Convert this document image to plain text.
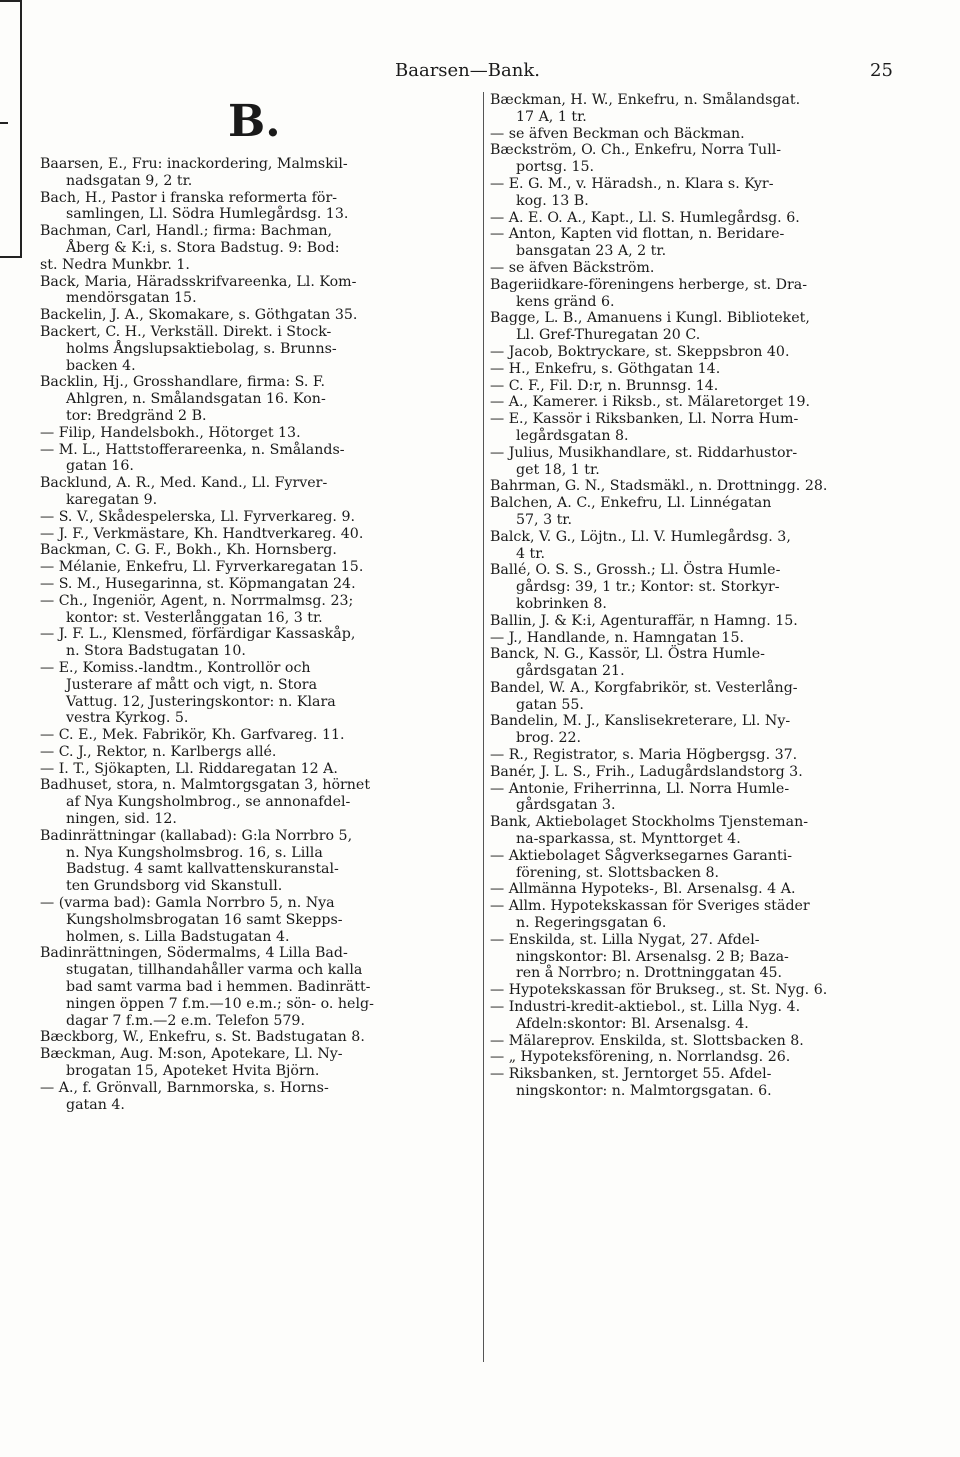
Baarsen—Bank.	25
B.
Baarsen, E., Fru: inackordering, Malmskil-
nadsgatan 9, 2 tr.
Bach, H., Pastor i franska reformerta för-
samlingen, Ll. Södra Humlegårdsg. 13.
Bachman, Carl, Handl.; firma: Bachman,
Åberg & K:i, s. Stora Badstug. 9: Bod:
st. Nedra Munkbr. 1.
Back, Maria, Häradsskrifvareenka, Ll. Kom-
mendörsgatan 15.
Backelin, J. A., Skomakare, s. Göthgatan 35.
Backert, C. H., Verkställ. Direkt. i Stock-
holms Ångslupsaktiebolag, s. Brunns-
backen 4.
Backlin, Hj., Grosshandlare, firma: S. F.
Ahlgren, n. Smålandsgatan 16. Kon-
tor: Bredgränd 2 B.
— Filip, Handelsbokh., Hötorget 13.
— M. L., Hattstofferareenka, n. Smålands-
gatan 16.
Backlund, A. R., Med. Kand., Ll. Fyrver-
karegatan 9.
— S. V., Skådespelerska, Ll. Fyrverkareg. 9.
— J. F., Verkmästare, Kh. Handtverkareg. 40.
Backman, C. G. F., Bokh., Kh. Hornsberg.
— Mélanie, Enkefru, Ll. Fyrverkaregatan 15.
— S. M., Husegarinna, st. Köpmangatan 24.
— Ch., Ingeniör, Agent, n. Norrmalmsg. 23;
kontor: st. Vesterlånggatan 16, 3 tr.
— J. F. L., Klensmed, förfärdigar Kassaskåp,
n. Stora Badstugatan 10.
— E., Komiss.-landtm., Kontrollör och
Justerare af mått och vigt, n. Stora
Vattug. 12, Justeringskontor: n. Klara
vestra Kyrkog. 5.
— C. E., Mek. Fabrikör, Kh. Garfvareg. 11.
— C. J., Rektor, n. Karlbergs allé.
— I. T., Sjökapten, Ll. Riddaregatan 12 A.
Badhuset, stora, n. Malmtorgsgatan 3, hörnet
af Nya Kungsholmbrog., se annonafdel-
ningen, sid. 12.
Badinrättningar (kallabad): G:la Norrbro 5,
n. Nya Kungsholmsbrog. 16, s. Lilla
Badstug. 4 samt kallvattenskuranstal-
ten Grundsborg vid Skanstull.
— (varma bad): Gamla Norrbro 5, n. Nya
Kungsholmsbrogatan 16 samt Skepps-
holmen, s. Lilla Badstugatan 4.
Badinrättningen, Södermalms, 4 Lilla Bad-
stugatan, tillhandahåller varma och kalla
bad samt varma bad i hemmen. Badinrätt-
ningen öppen 7 f.m.—10 e.m.; sön- o. helg-
dagar 7 f.m.—2 e.m. Telefon 579.
Bæckborg, W., Enkefru, s. St. Badstugatan 8.
Bæckman, Aug. M:son, Apotekare, Ll. Ny-
brogatan 15, Apoteket Hvita Björn.
— A., f. Grönvall, Barnmorska, s. Horns-
gatan 4.
Bæckman, H. W., Enkefru, n. Smålandsgat.
17 A, 1 tr.
— se äfven Beckman och Bäckman.
Bæckström, O. Ch., Enkefru, Norra Tull-
portsg. 15.
— E. G. M., v. Häradsh., n. Klara s. Kyr-
kog. 13 B.
— A. E. O. A., Kapt., Ll. S. Humlegårdsg. 6.
— Anton, Kapten vid flottan, n. Beridare-
bansgatan 23 A, 2 tr.
— se äfven Bäckström.
Bageriidkare-föreningens herberge, st. Dra-
kens gränd 6.
Bagge, L. B., Amanuens i Kungl. Biblioteket,
Ll. Gref-Thuregatan 20 C.
— Jacob, Boktryckare, st. Skeppsbron 40.
— H., Enkefru, s. Göthgatan 14.
— C. F., Fil. D:r, n. Brunnsg. 14.
— A., Kamerer. i Riksb., st. Mälaretorget 19.
— E., Kassör i Riksbanken, Ll. Norra Hum-
legårdsgatan 8.
— Julius, Musikhandlare, st. Riddarhustor-
get 18, 1 tr.
Bahrman, G. N., Stadsmäkl., n. Drottningg. 28.
Balchen, A. C., Enkefru, Ll. Linnégatan
57, 3 tr.
Balck, V. G., Löjtn., Ll. V. Humlegårdsg. 3,
4 tr.
Ballé, O. S. S., Grossh.; Ll. Östra Humle-
gårdsg: 39, 1 tr.; Kontor: st. Storkyr-
kobrinken 8.
Ballin, J. & K:i, Agenturaffär, n Hamng. 15.
— J., Handlande, n. Hamngatan 15.
Banck, N. G., Kassör, Ll. Östra Humle-
gårdsgatan 21.
Bandel, W. A., Korgfabrikör, st. Vesterlång-
gatan 55.
Bandelin, M. J., Kanslisekreterare, Ll. Ny-
brog. 22.
— R., Registrator, s. Maria Högbergsg. 37.
Banér, J. L. S., Frih., Ladugårdslandstorg 3.
— Antonie, Friherrinna, Ll. Norra Humle-
gårdsgatan 3.
Bank, Aktiebolaget Stockholms Tjensteman-
na-sparkassa, st. Mynttorget 4.
— Aktiebolaget Sågverksegarnes Garanti-
förening, st. Slottsbacken 8.
— Allmänna Hypoteks-, Bl. Arsenalsg. 4 A.
— Allm. Hypotekskassan för Sveriges städer
n. Regeringsgatan 6.
— Enskilda, st. Lilla Nygat, 27. Afdel-
ningskontor: Bl. Arsenalsg. 2 B; Baza-
ren å Norrbro; n. Drottninggatan 45.
— Hypotekskassan för Brukseg., st. St. Nyg. 6.
— Industri-kredit-aktiebol., st. Lilla Nyg. 4.
Afdeln:skontor: Bl. Arsenalsg. 4.
— Mälareprov. Enskilda, st. Slottsbacken 8.
— „ Hypoteksförening, n. Norrlandsg. 26.
— Riksbanken, st. Jerntorget 55. Afdel-
ningskontor: n. Malmtorgsgatan. 6.
